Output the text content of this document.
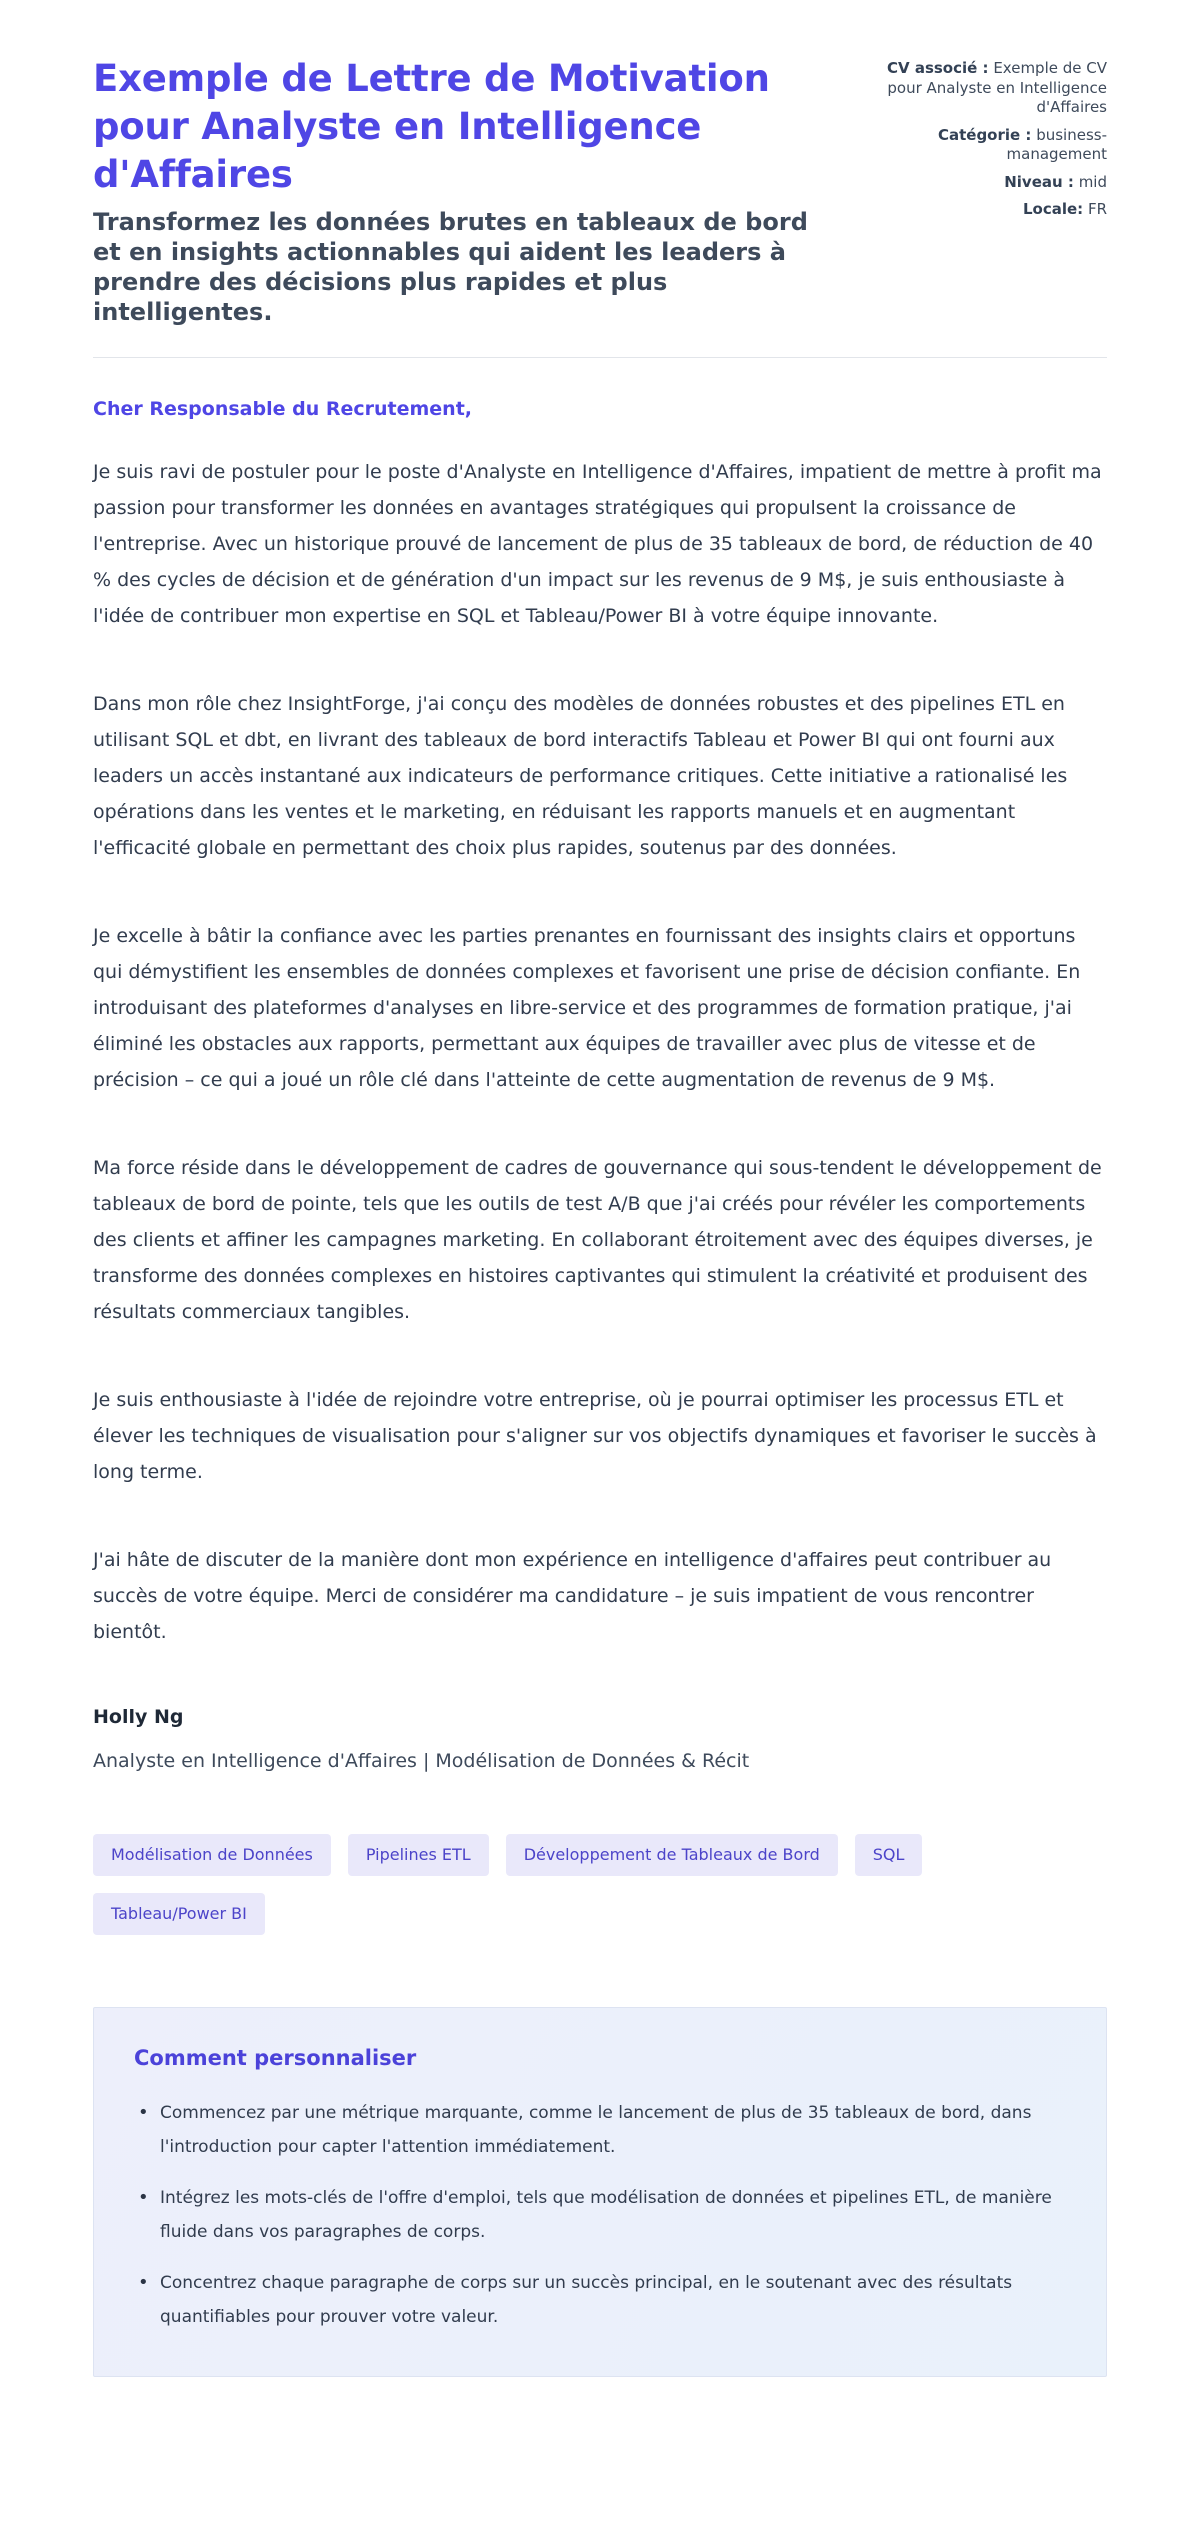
Exemple de Lettre de Motivation pour Analyste en Intelligence d'Affaires

Transformez les données brutes en tableaux de bord et en insights actionnables qui aident les leaders à prendre des décisions plus rapides et plus intelligentes.

CV associé : Exemple de CV pour Analyste en Intelligence d'Affaires
Catégorie : business-management
Niveau : mid
Locale: FR

Cher Responsable du Recrutement,

Je suis ravi de postuler pour le poste d'Analyste en Intelligence d'Affaires, impatient de mettre à profit ma passion pour transformer les données en avantages stratégiques qui propulsent la croissance de l'entreprise. Avec un historique prouvé de lancement de plus de 35 tableaux de bord, de réduction de 40 % des cycles de décision et de génération d'un impact sur les revenus de 9 M$, je suis enthousiaste à l'idée de contribuer mon expertise en SQL et Tableau/Power BI à votre équipe innovante.

Dans mon rôle chez InsightForge, j'ai conçu des modèles de données robustes et des pipelines ETL en utilisant SQL et dbt, en livrant des tableaux de bord interactifs Tableau et Power BI qui ont fourni aux leaders un accès instantané aux indicateurs de performance critiques. Cette initiative a rationalisé les opérations dans les ventes et le marketing, en réduisant les rapports manuels et en augmentant l'efficacité globale en permettant des choix plus rapides, soutenus par des données.

Je excelle à bâtir la confiance avec les parties prenantes en fournissant des insights clairs et opportuns qui démystifient les ensembles de données complexes et favorisent une prise de décision confiante. En introduisant des plateformes d'analyses en libre-service et des programmes de formation pratique, j'ai éliminé les obstacles aux rapports, permettant aux équipes de travailler avec plus de vitesse et de précision – ce qui a joué un rôle clé dans l'atteinte de cette augmentation de revenus de 9 M$.

Ma force réside dans le développement de cadres de gouvernance qui sous-tendent le développement de tableaux de bord de pointe, tels que les outils de test A/B que j'ai créés pour révéler les comportements des clients et affiner les campagnes marketing. En collaborant étroitement avec des équipes diverses, je transforme des données complexes en histoires captivantes qui stimulent la créativité et produisent des résultats commerciaux tangibles.

Je suis enthousiaste à l'idée de rejoindre votre entreprise, où je pourrai optimiser les processus ETL et élever les techniques de visualisation pour s'aligner sur vos objectifs dynamiques et favoriser le succès à long terme.

J'ai hâte de discuter de la manière dont mon expérience en intelligence d'affaires peut contribuer au succès de votre équipe. Merci de considérer ma candidature – je suis impatient de vous rencontrer bientôt.

Holly Ng

Analyste en Intelligence d'Affaires | Modélisation de Données & Récit

Modélisation de Données	Pipelines ETL	Développement de Tableaux de Bord	SQL
Tableau/Power BI
Comment personnaliser
• Commencez par une métrique marquante, comme le lancement de plus de 35 tableaux de bord, dans l'introduction pour capter l'attention immédiatement.
• Intégrez les mots-clés de l'offre d'emploi, tels que modélisation de données et pipelines ETL, de manière fluide dans vos paragraphes de corps.
• Concentrez chaque paragraphe de corps sur un succès principal, en le soutenant avec des résultats quantifiables pour prouver votre valeur.
